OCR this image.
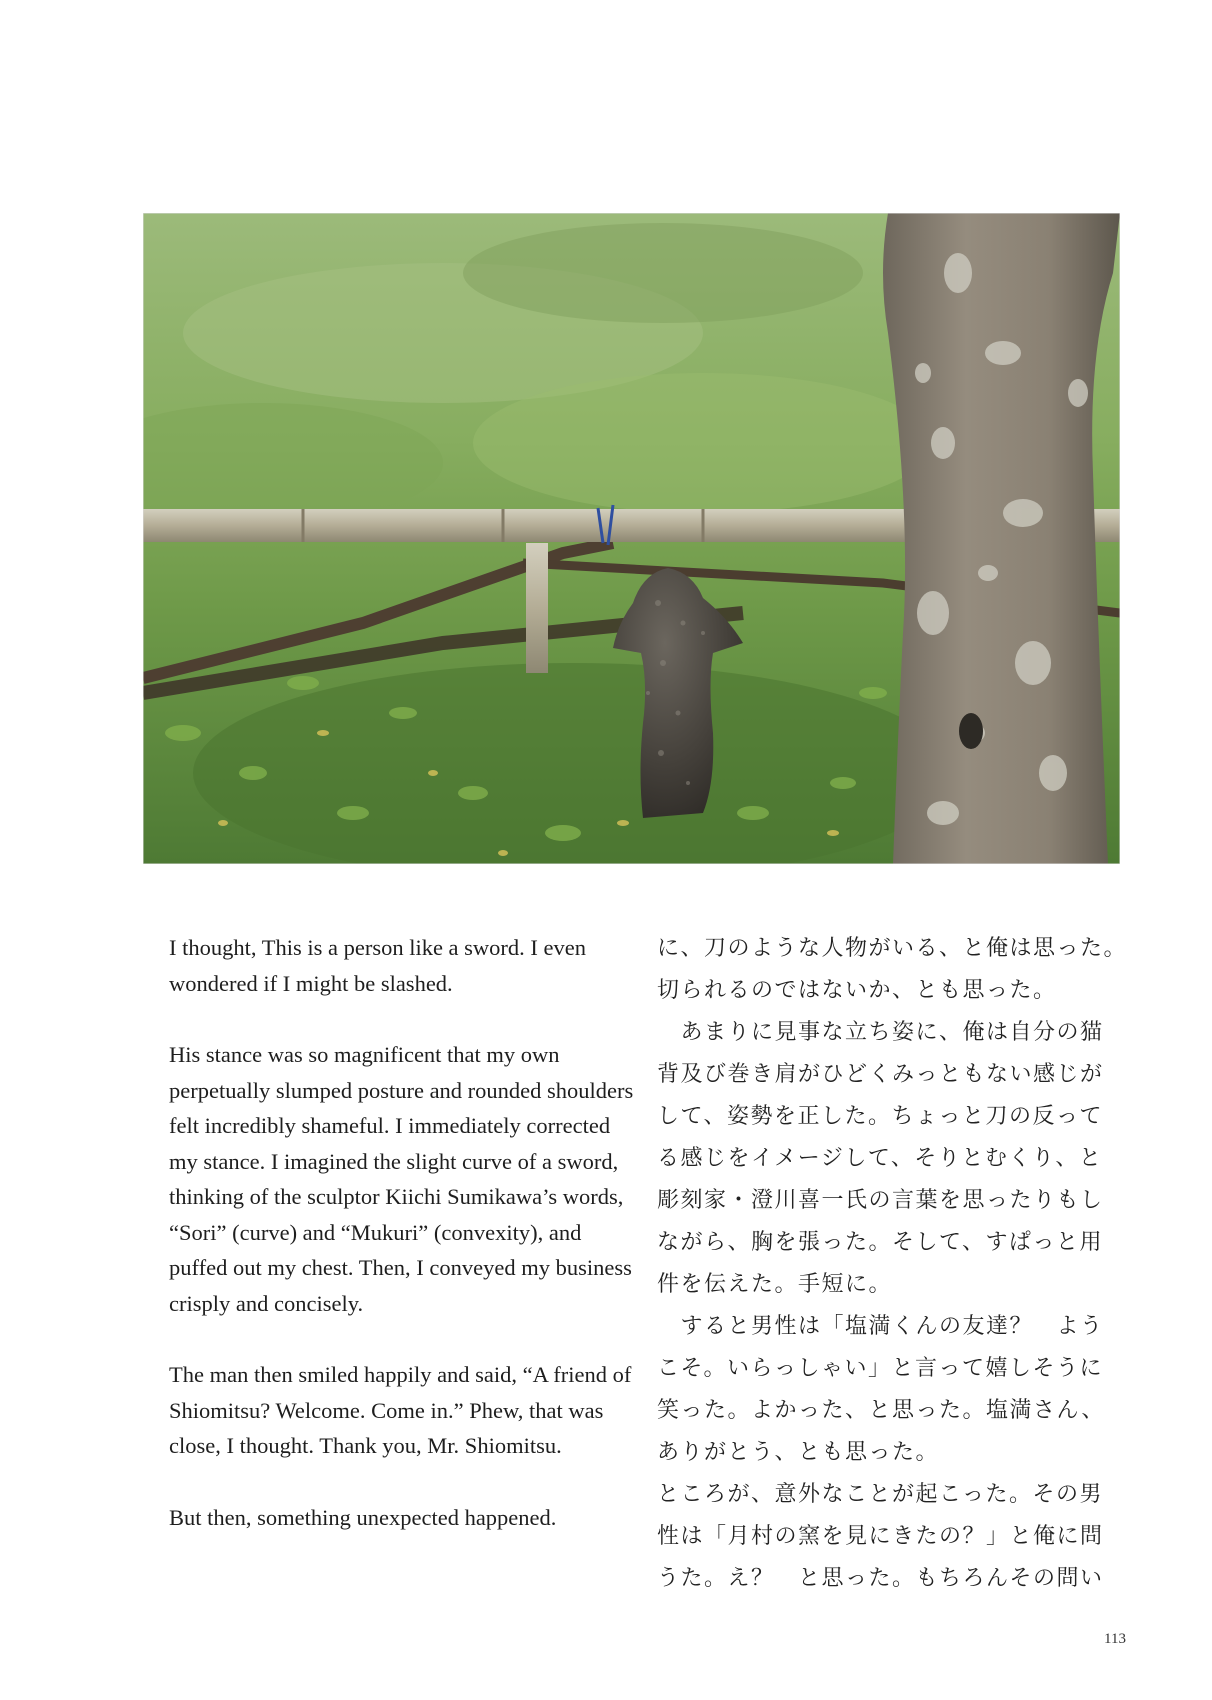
I thought, This is a person like a sword. I even wondered if I might be slashed.

His stance was so magnificent that my own perpetually slumped posture and rounded shoulders felt incredibly shameful. I immediately corrected my stance. I imagined the slight curve of a sword, thinking of the sculptor Kiichi Sumikawa’s words, “Sori” (curve) and “Mukuri” (convexity), and puffed out my chest. Then, I conveyed my business crisply and concisely.

The man then smiled happily and said, “A friend of Shiomitsu? Welcome. Come in.” Phew, that was close, I thought. Thank you, Mr. Shiomitsu.

But then, something unexpected happened.

に、刀のような人物がいる、と俺は思った。
切られるのではないか、とも思った。
　あまりに見事な立ち姿に、俺は自分の猫
背及び巻き肩がひどくみっともない感じが
して、姿勢を正した。ちょっと刀の反って
る感じをイメージして、そりとむくり、と
彫刻家・澄川喜一氏の言葉を思ったりもし
ながら、胸を張った。そして、すぱっと用
件を伝えた。手短に。
　すると男性は「塩満くんの友達？　よう
こそ。いらっしゃい」と言って嬉しそうに
笑った。よかった、と思った。塩満さん、
ありがとう、とも思った。
ところが、意外なことが起こった。その男
性は「月村の窯を見にきたの？」と俺に問
うた。え？　と思った。もちろんその問い
113
